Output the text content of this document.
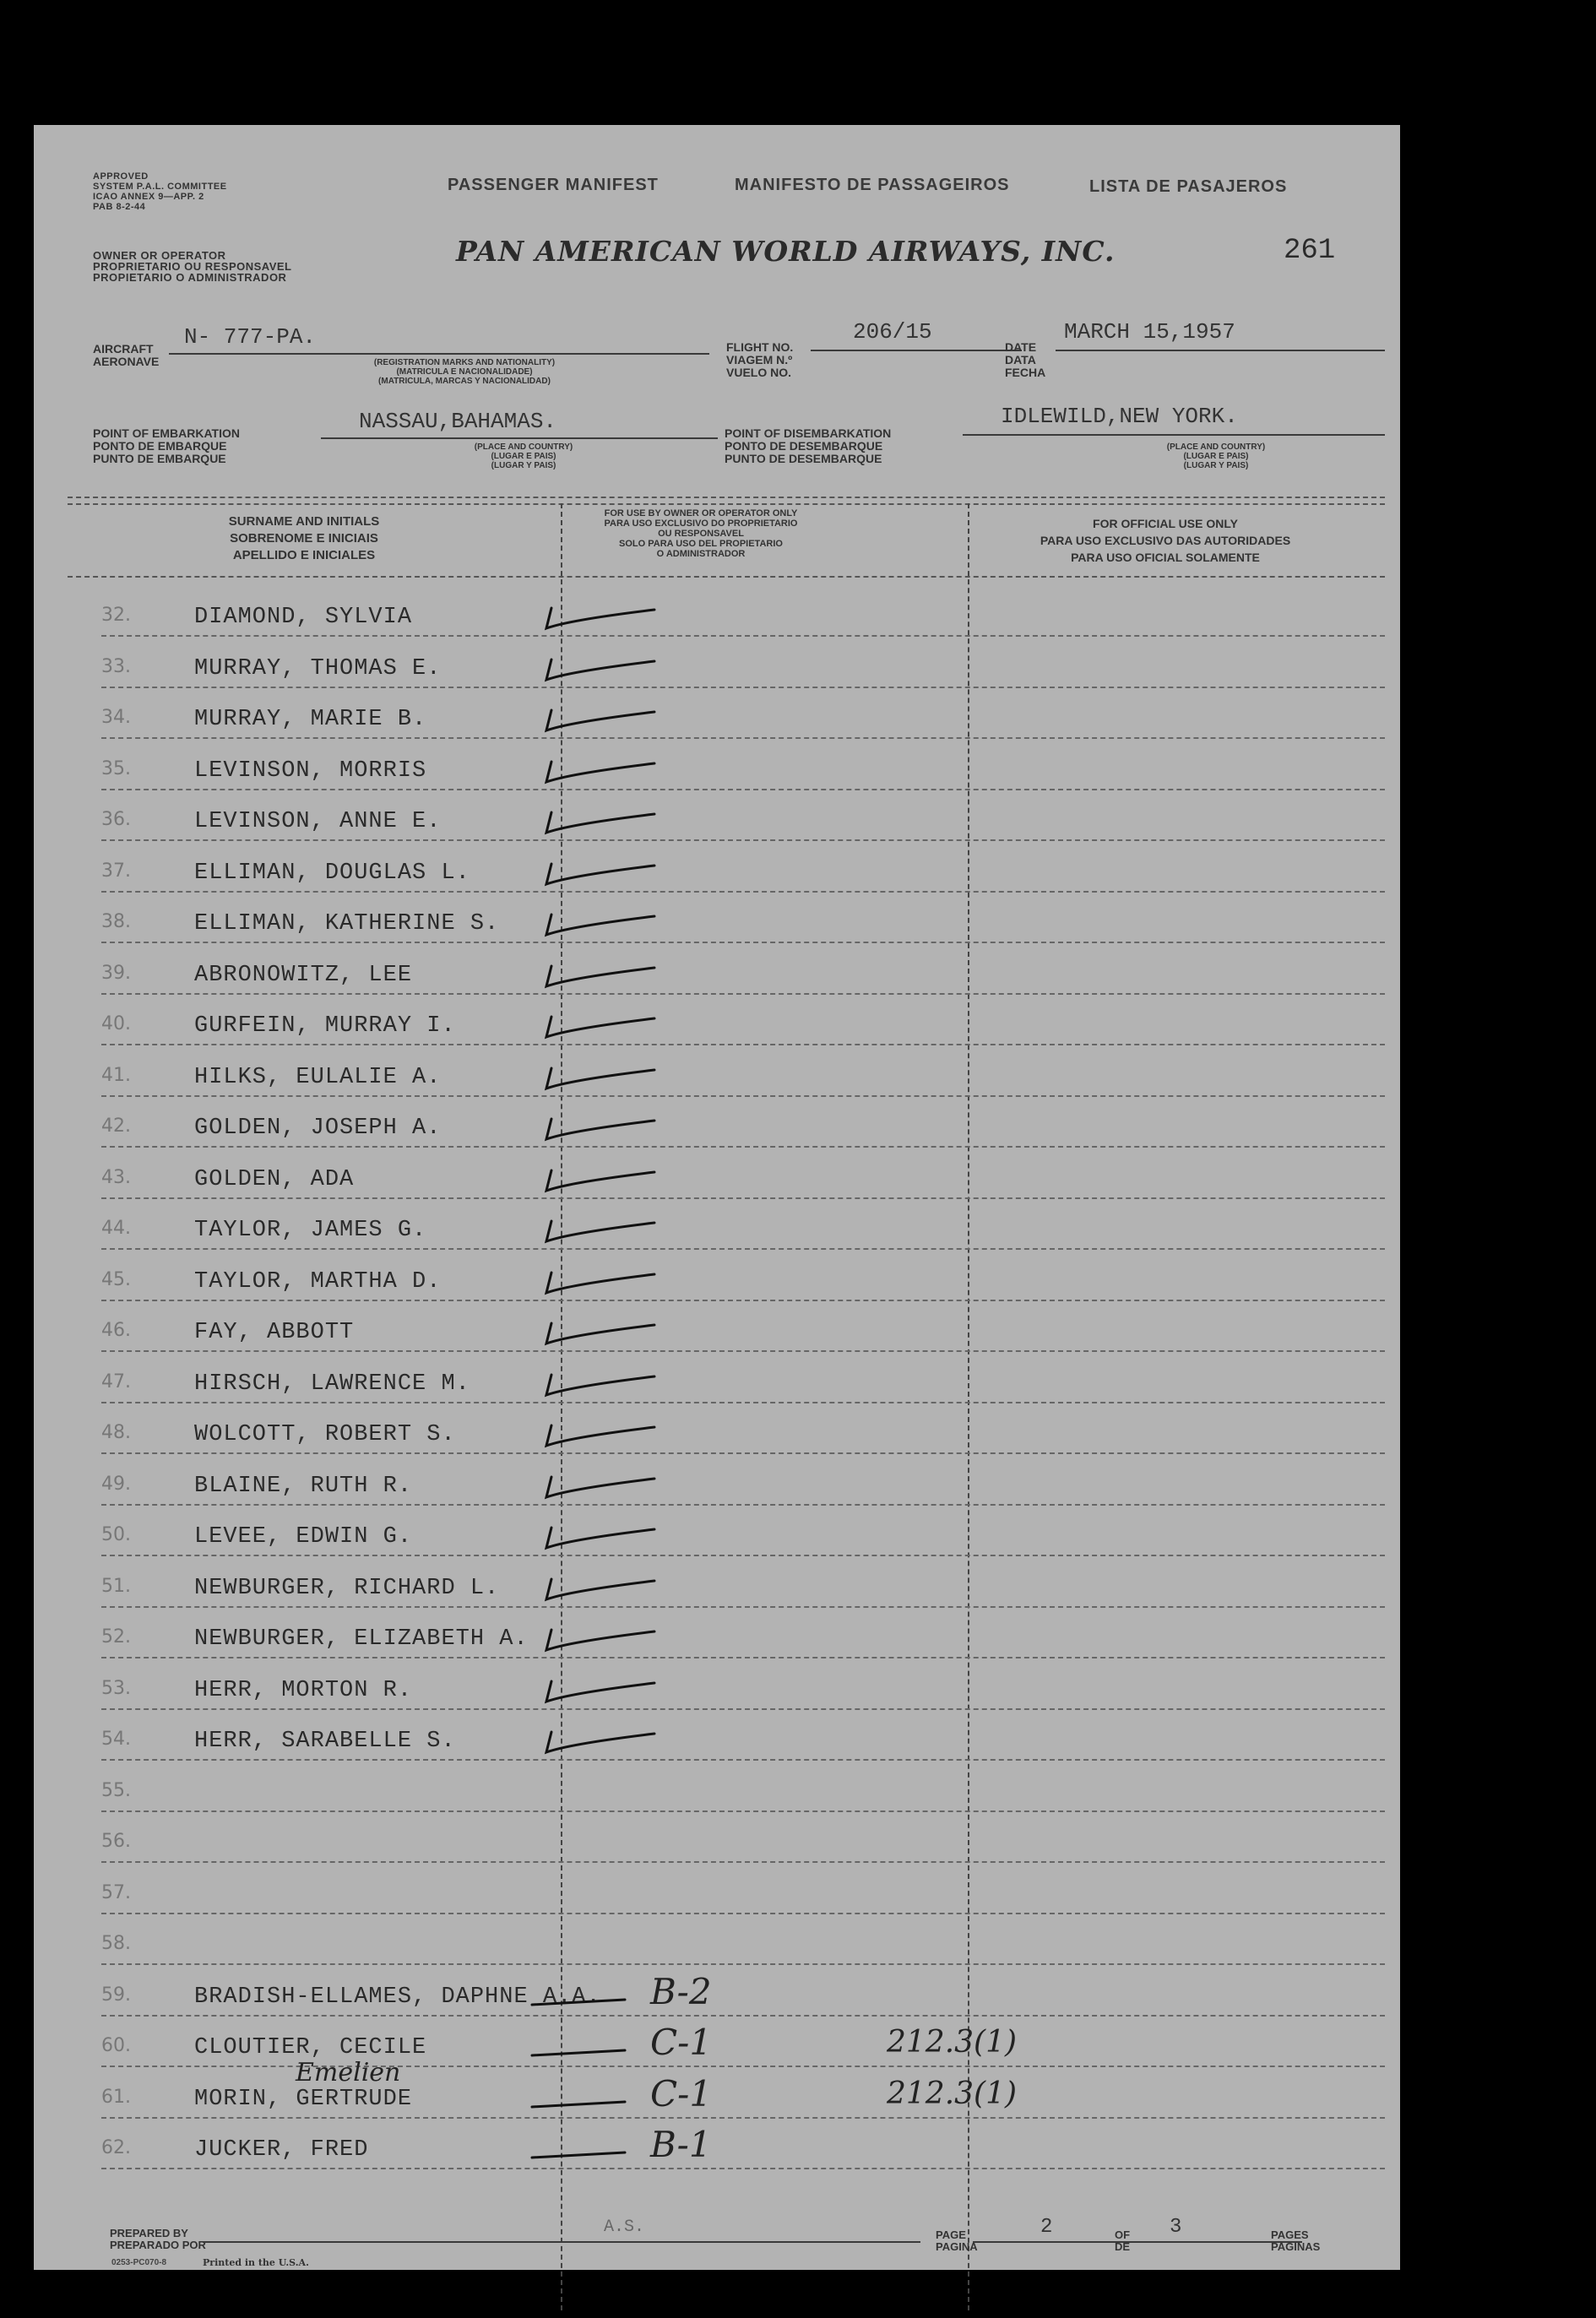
APPROVED
SYSTEM P.A.L. COMMITTEE
ICAO ANNEX 9—APP. 2
PAB 8-2-44
OWNER OR OPERATOR
PROPRIETARIO OU RESPONSAVEL
PROPIETARIO O ADMINISTRADOR
PASSENGER MANIFEST	MANIFESTO DE PASSAGEIROS	LISTA DE PASAJEROS
PAN AMERICAN WORLD AIRWAYS, INC.	261
AIRCRAFT
AERONAVE
N- 777-PA.
(REGISTRATION MARKS AND NATIONALITY)
(MATRICULA E NACIONALIDADE)
(MATRICULA, MARCAS Y NACIONALIDAD)
FLIGHT NO.
VIAGEM N.º
VUELO NO.
206/15
DATE
DATA
FECHA
MARCH 15,1957
POINT OF EMBARKATION
PONTO DE EMBARQUE
PUNTO DE EMBARQUE
NASSAU,BAHAMAS.
(PLACE AND COUNTRY)
(LUGAR E PAIS)
(LUGAR Y PAIS)
POINT OF DISEMBARKATION
PONTO DE DESEMBARQUE
PUNTO DE DESEMBARQUE
IDLEWILD,NEW YORK.
(PLACE AND COUNTRY)
(LUGAR E PAIS)
(LUGAR Y PAIS)
SURNAME AND INITIALS
SOBRENOME E INICIAIS
APELLIDO E INICIALES
FOR USE BY OWNER OR OPERATOR ONLY
PARA USO EXCLUSIVO DO PROPRIETARIO
OU RESPONSAVEL
SOLO PARA USO DEL PROPIETARIO
O ADMINISTRADOR
FOR OFFICIAL USE ONLY
PARA USO EXCLUSIVO DAS AUTORIDADES
PARA USO OFICIAL SOLAMENTE
32.	DIAMOND, SYLVIA
33.	MURRAY, THOMAS E.
34.	MURRAY, MARIE B.
35.	LEVINSON, MORRIS
36.	LEVINSON, ANNE E.
37.	ELLIMAN, DOUGLAS L.
38.	ELLIMAN, KATHERINE S.
39.	ABRONOWITZ, LEE
40.	GURFEIN, MURRAY I.
41.	HILKS, EULALIE A.
42.	GOLDEN, JOSEPH A.
43.	GOLDEN, ADA
44.	TAYLOR, JAMES G.
45.	TAYLOR, MARTHA D.
46.	FAY, ABBOTT
47.	HIRSCH, LAWRENCE M.
48.	WOLCOTT, ROBERT S.
49.	BLAINE, RUTH R.
50.	LEVEE, EDWIN G.
51.	NEWBURGER, RICHARD L.
52.	NEWBURGER, ELIZABETH A.
53.	HERR, MORTON R.
54.	HERR, SARABELLE S.
55.
56.
57.
58.
59.	BRADISH-ELLAMES, DAPHNE A.A. B-2
60.	CLOUTIER, CECILE	C-1	212.3(1)
61.	MORIN, GERTRUDE	C-1	212.3(1)
Emelien
62.	JUCKER, FRED	B-1
PREPARED BY
PREPARADO POR
A.S.	PAGE
PAGINA
2	OF
DE
3	PAGES
PAGINAS
0253-PC070-8	Printed in the U.S.A.
